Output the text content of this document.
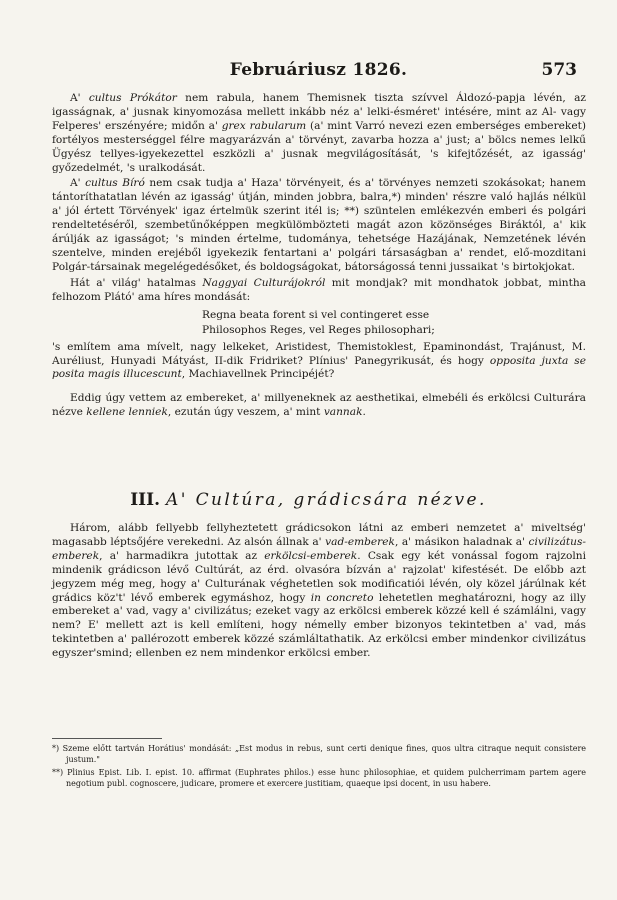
Februáriusz 1826.	573

A' cultus Prókátor nem rabula, hanem Themisnek tiszta szívvel Áldozó-papja lévén, az igasságnak, a' jusnak kinyomozása mellett inkább néz a' lelki-ésméret' intésére, mint az Al- vagy Felperes' erszényére; midőn a' grex rabularum (a' mint Varró nevezi ezen emberséges embereket) fortélyos mesterséggel félre magyarázván a' törvényt, zavarba hozza a' just; a' bölcs nemes lelkű Ügyész tellyes-igyekezettel eszközli a' jusnak megvilágosítását, 's kifejtőzését, az igasság' győzedelmét, 's uralkodását.

A' cultus Bíró nem csak tudja a' Haza' törvényeit, és a' törvényes nemzeti szokásokat; hanem tántoríthatatlan lévén az igasság' útján, minden jobbra, balra,*) minden' részre való hajlás nélkül a' jól értett Törvények' igaz értelmük szerint itél is; **) szüntelen emlékezvén emberi és polgári rendeltetéséről, szembetűnőképpen megkülömbözteti magát azon közönséges Biráktól, a' kik árúlják az igasságot; 's minden értelme, tudománya, tehetsége Hazájának, Nemzetének lévén szentelve, minden erejéből igyekezik fentartani a' polgári társaságban a' rendet, elő-mozditani Polgár-társainak megelégedésőket, és boldogságokat, bátorságossá tenni jussaikat 's birtokjokat.

Hát a' világ' hatalmas Naggyai Culturájokról mit mondjak? mit mondhatok jobbat, mintha felhozom Plátó' ama híres mondását:

Regna beata forent si vel contingeret esse
Philosophos Reges, vel Reges philosophari;

's említem ama mívelt, nagy lelkeket, Aristidest, Themistoklest, Epaminondást, Trajánust, M. Auréliust, Hunyadi Mátyást, II-dik Fridriket? Plínius' Panegyrikusát, és hogy opposita juxta se posita magis illucescunt, Machiavellnek Principéjét?

Eddig úgy vettem az embereket, a' millyeneknek az aesthetikai, elmebéli és erkölcsi Culturára nézve kellene lenniek, ezután úgy veszem, a' mint vannak.

III. A' Cultúra, grádicsára nézve.

Három, alább fellyebb fellyheztetett grádicsokon látni az emberi nemzetet a' miveltség' magasabb léptsőjére verekedni. Az alsón állnak a' vad-emberek, a' másikon haladnak a' civilizátus-emberek, a' harmadikra jutottak az erkölcsi-emberek. Csak egy két vonással fogom rajzolni mindenik grádicson lévő Cultúrát, az érd. olvasóra bízván a' rajzolat' kifestését. De előbb azt jegyzem még meg, hogy a' Culturának véghetetlen sok modificatiói lévén, oly közel járúlnak két grádics köz't' lévő emberek egymáshoz, hogy in concreto lehetetlen meghatározni, hogy az illy embereket a' vad, vagy a' civilizátus; ezeket vagy az erkölcsi emberek közzé kell é számlálni, vagy nem? E' mellett azt is kell említeni, hogy némelly ember bizonyos tekintetben a' vad, más tekintetben a' pallérozott emberek közzé számláltathatik. Az erkölcsi ember mindenkor civilizátus egyszer'smind; ellenben ez nem mindenkor erkölcsi ember.

*) Szeme előtt tartván Horátius' mondását: „Est modus in rebus, sunt certi denique fines, quos ultra citraque nequit consistere justum."

**) Plinius Epist. Lib. I. epist. 10. affirmat (Euphrates philos.) esse hunc philosophiae, et quidem pulcherrimam partem agere negotium publ. cognoscere, judicare, promere et exercere justitiam, quaeque ipsi docent, in usu habere.
